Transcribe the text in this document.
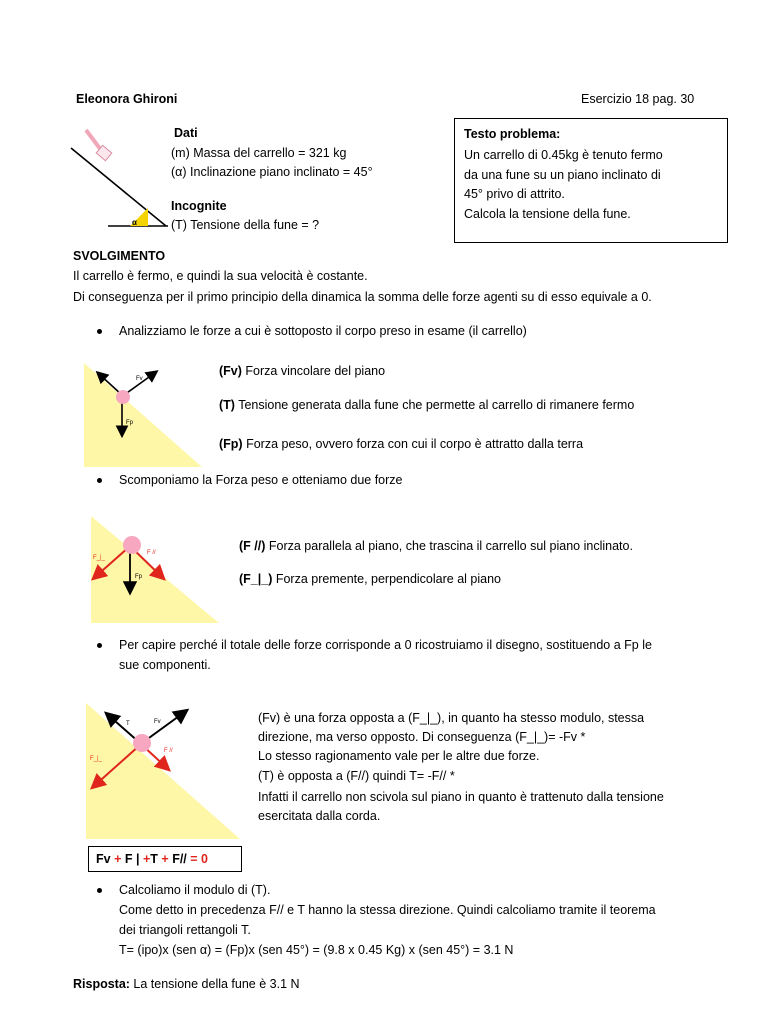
Eleonora Ghironi	Esercizio 18 pag. 30
α
Dati
(m) Massa del carrello = 321 kg
(α) Inclinazione piano inclinato = 45°
Incognite
(T) Tensione della fune = ?
Testo problema:
Un carrello di 0.45kg è tenuto fermo
da una fune su un piano inclinato di
45° privo di attrito.
Calcola la tensione della fune.
SVOLGIMENTO
Il carrello è fermo, e quindi la sua velocità è costante.
Di conseguenza per il primo principio della dinamica la somma delle forze agenti su di esso equivale a 0.
Analizziamo le forze a cui è sottoposto il corpo preso in esame (il carrello)
T	Fv
Fp
(Fv) Forza vincolare del piano
(T) Tensione generata dalla fune che permette al carrello di rimanere fermo
(Fp) Forza peso, ovvero forza con cui il corpo è attratto dalla terra
Scomponiamo la Forza peso e otteniamo due forze
F_|_
F //
Fp
(F //) Forza parallela al piano, che trascina il carrello sul piano inclinato.
(F_|_) Forza premente, perpendicolare al piano
Per capire perché il totale delle forze corrisponde a 0 ricostruiamo il disegno, sostituendo a Fp le
sue componenti.
T	Fv
F_|_
F //
(Fv) è una forza opposta a (F_|_), in quanto ha stesso modulo, stessa
direzione, ma verso opposto. Di conseguenza (F_|_)= -Fv *
Lo stesso ragionamento vale per le altre due forze.
(T) è opposta a (F//) quindi T= -F// *
Infatti il carrello non scivola sul piano in quanto è trattenuto dalla tensione
esercitata dalla corda.
Fv + F | +T + F// = 0
Calcoliamo il modulo di (T).
Come detto in precedenza F// e T hanno la stessa direzione. Quindi calcoliamo tramite il teorema
dei triangoli rettangoli T.
T= (ipo)x (sen α) = (Fp)x (sen 45°) = (9.8 x 0.45 Kg) x (sen 45°) = 3.1 N
Risposta: La tensione della fune è 3.1 N
